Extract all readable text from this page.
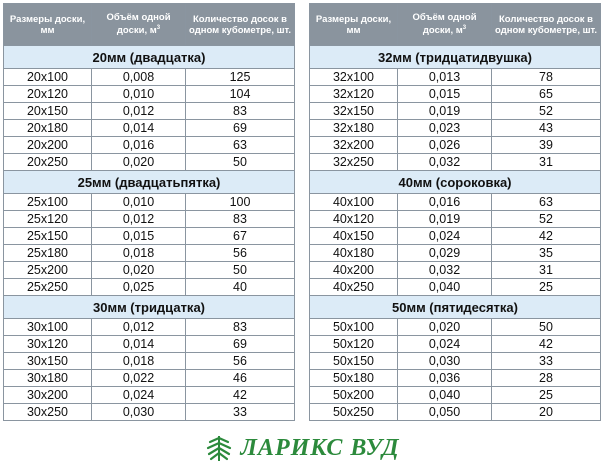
Размеры доски, мм	Объём одной доски, $м^3$	Количество досок в одном кубометре, шт.
20мм (двадцатка)		
20x100	0,008	125
20x120	0,010	104
20x150	0,012	83
20x180	0,014	69
20x200	0,016	63
20x250	0,020	50
25мм (двадцатьпятка)		
25x100	0,010	100
25x120	0,012	83
25x150	0,015	67
25x180	0,018	56
25x200	0,020	50
25x250	0,025	40
30мм (тридцатка)		
30x100	0,012	83
30x120	0,014	69
30x150	0,018	56
30x180	0,022	46
30x200	0,024	42
30x250	0,030	33
Размеры доски, мм	Объём одной доски, $м^3$	Количество досок в одном кубометре, шт.
32мм (тридцатидвушка)		
32x100	0,013	78
32x120	0,015	65
32x150	0,019	52
32x180	0,023	43
32x200	0,026	39
32x250	0,032	31
40мм (сороковка)		
40x100	0,016	63
40x120	0,019	52
40x150	0,024	42
40x180	0,029	35
40x200	0,032	31
40x250	0,040	25
50мм (пятидесятка)		
50x100	0,020	50
50x120	0,024	42
50x150	0,030	33
50x180	0,036	28
50x200	0,040	25
50x250	0,050	20
ЛАРИКС ВУД
